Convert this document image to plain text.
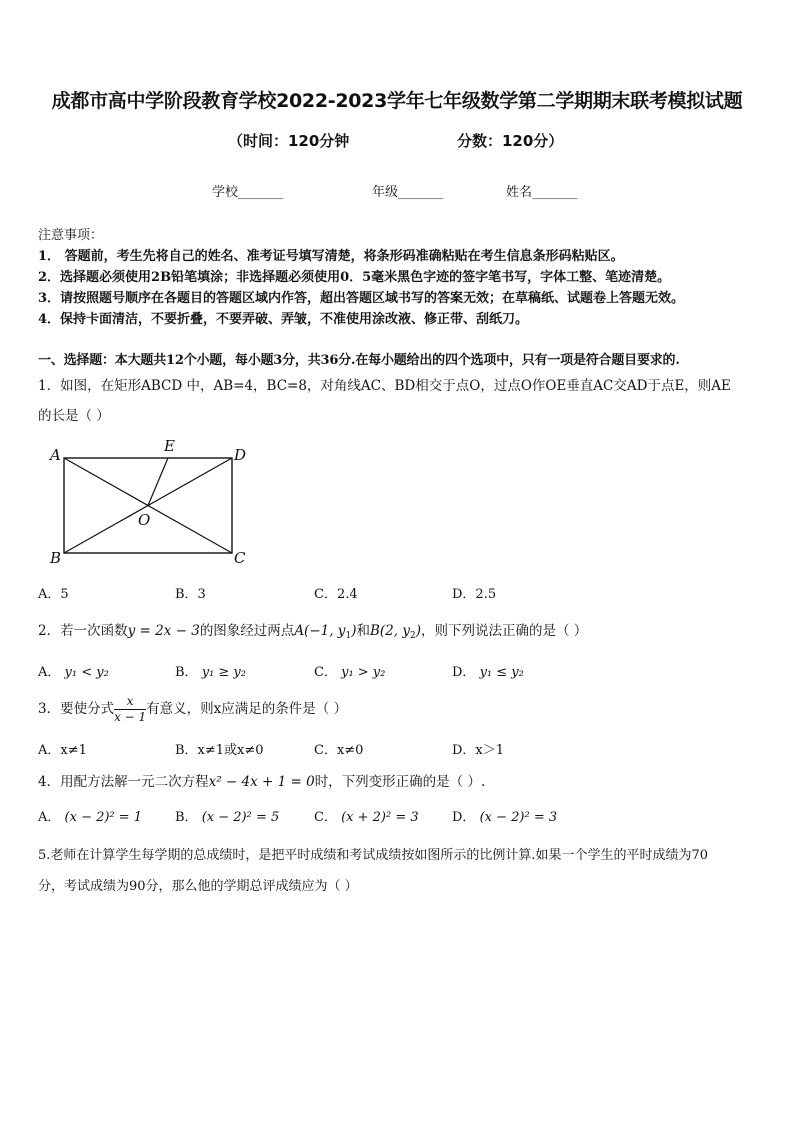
成都市高中学阶段教育学校2022-2023学年七年级数学第二学期期末联考模拟试题
（时间：120分钟	分数：120分）
学校_______	年级_______	姓名_______
注意事项：
1． 答题前，考生先将自己的姓名、准考证号填写清楚，将条形码准确粘贴在考生信息条形码粘贴区。
2．选择题必须使用2B铅笔填涂；非选择题必须使用0．5毫米黑色字迹的签字笔书写，字体工整、笔迹清楚。
3．请按照题号顺序在各题目的答题区域内作答，超出答题区域书写的答案无效；在草稿纸、试题卷上答题无效。
4．保持卡面清洁，不要折叠，不要弄破、弄皱，不准使用涂改液、修正带、刮纸刀。
一、选择题：本大题共12个小题，每小题3分，共36分.在每小题给出的四个选项中，只有一项是符合题目要求的.
1．如图，在矩形ABCD 中，AB=4，BC=8，对角线AC、BD相交于点O，过点O作OE垂直AC交AD于点E，则AE
的长是（ ）
A
B	C
D
E
O
A．5	B．3	C．2.4	D．2.5
2．若一次函数y = 2x − 3的图象经过两点A(−1, $y_1$)和B(2, $y_2$)，则下列说法正确的是（ ）
A． y₁ < y₂	B． y₁ ≥ y₂	C． y₁ > y₂	D． y₁ ≤ y₂
3．要使分式 $\frac{x}{x - 1}$ 有意义，则x应满足的条件是（ ）
A．x≠1	B．x≠1或x≠0	C．x≠0	D．x＞1
4．用配方法解一元二次方程x² − 4x + 1 = 0时，下列变形正确的是（ ）.
A． (x − 2)² = 1	B． (x − 2)² = 5	C． (x + 2)² = 3	D． (x − 2)² = 3
5.老师在计算学生每学期的总成绩时，是把平时成绩和考试成绩按如图所示的比例计算.如果一个学生的平时成绩为70
分，考试成绩为90分，那么他的学期总评成绩应为（ ）
